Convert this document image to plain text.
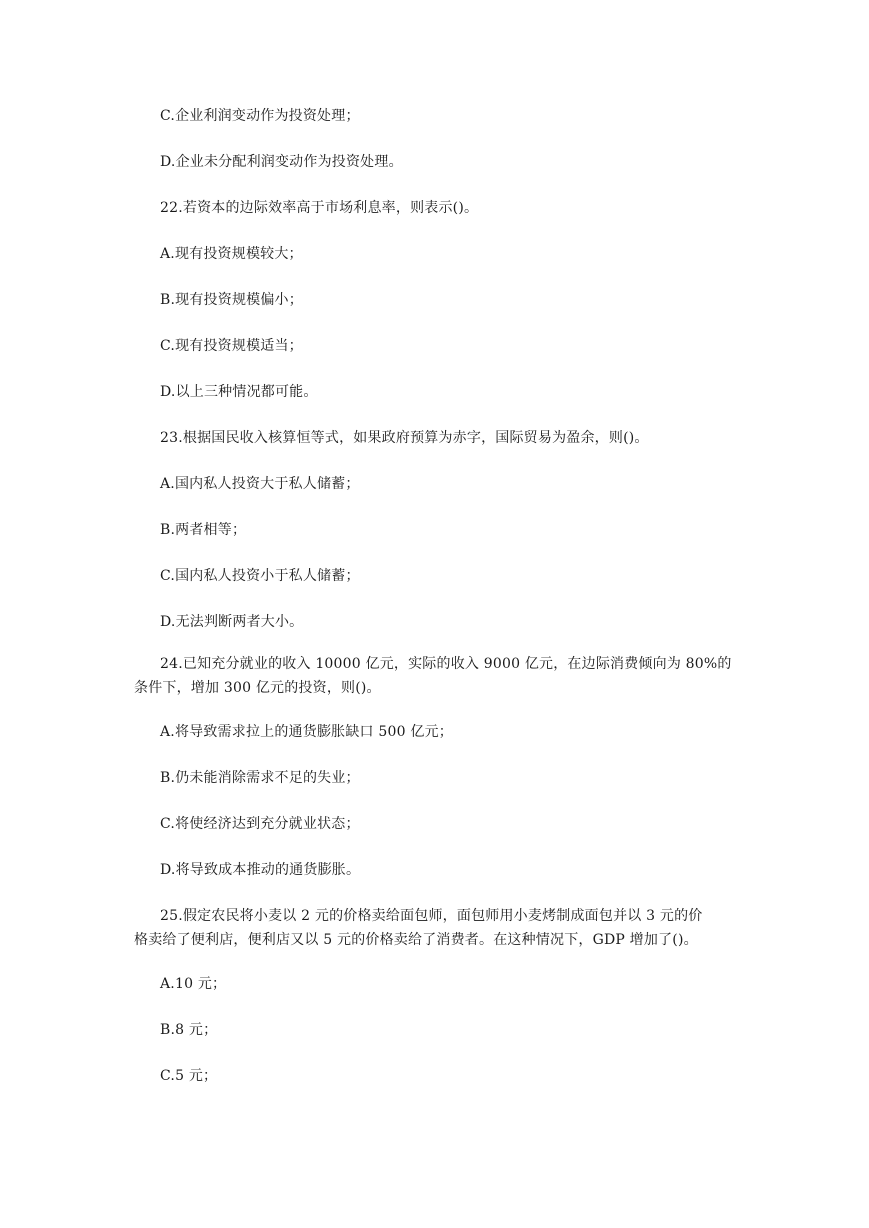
C.企业利润变动作为投资处理；
D.企业未分配利润变动作为投资处理。
22.若资本的边际效率高于市场利息率，则表示()。
A.现有投资规模较大；
B.现有投资规模偏小；
C.现有投资规模适当；
D.以上三种情况都可能。
23.根据国民收入核算恒等式，如果政府预算为赤字，国际贸易为盈余，则()。
A.国内私人投资大于私人储蓄；
B.两者相等；
C.国内私人投资小于私人储蓄；
D.无法判断两者大小。
24.已知充分就业的收入 10000 亿元，实际的收入 9000 亿元，在边际消费倾向为 80%的
条件下，增加 300 亿元的投资，则()。
A.将导致需求拉上的通货膨胀缺口 500 亿元；
B.仍未能消除需求不足的失业；
C.将使经济达到充分就业状态；
D.将导致成本推动的通货膨胀。
25.假定农民将小麦以 2 元的价格卖给面包师，面包师用小麦烤制成面包并以 3 元的价
格卖给了便利店，便利店又以 5 元的价格卖给了消费者。在这种情况下，GDP 增加了()。
A.10 元；
B.8 元；
C.5 元；
